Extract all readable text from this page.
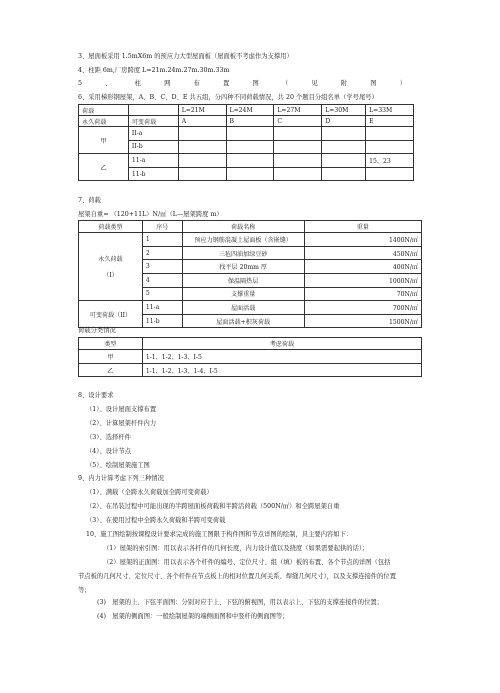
3、屋面板采用 1.5mX6m 的预应力大型屋面板（屋面板不考虑作为支撑用）
4、柱距 6m,厂房跨度 L=21m.24m.27m.30m.33m
5	、	柱	网	布	置	图	（	见	附	图	）
6、采用梯形钢屋架，A、B、C、D、E 共五组，分四种不同荷载情况，共 20 个题目分组名单（学号尾号）
荷载		L=21M	L=24M	L=27M	L=30M	L=33M
永久荷载	可变荷载	A	B	C	D	E
甲	ⅠⅠ-a					
	ⅠⅠ-b					
乙	11-a					15、23
	11-b					
7、荷载
屋架自重= （120+11L）N/㎡（L—屋架跨度 m）
荷载类型	序号	荷载名称	重量
永久荷载

（I）	1	预应力钢筋混凝土屋面板（含嵌缝）	1400N/㎡
	2	三毡四油加绿豆砂	450N/㎡
	3	找平层 20mm 厚	400N/㎡
	4	保温隔热层	1000N/㎡
	5	支撑重量	70N/㎡
可变荷载（II）	11-a	屋面活载	700N/㎡
	11-b	屋面活载+积灰荷载	1500N/㎡
荷载分类情况
类型	考虑荷载
甲	1-1、1-2、1-3、I-5
乙	1-1、1-2、1-3、1-4、I-5
8、设计要求
（1）、设计屋面支撑布置
（2）、计算屋架杆件内力
（3）、选择杆件
（4）、设计节点
（5）、绘制屋架施工图
9、内力计算考虑下列三种情况
（1）、满载（全跨永久荷载加全跨可变荷载）
（2）、在吊装过程中可能出现的半跨屋面板荷载和半跨活荷载（500N/㎡）和全跨屋架自重
（3）、在使用过程中全跨永久荷载和半跨可变荷载
10、施工图绘制按课程设计要求完成的施工图限于构件图和节点详图的绘制，具主要内容如下：
（1）屋架的索引图：用以表示各杆件的几何长度，内力设计值以及挠度（如果需要起拱的话）；
（2）屋架的正面图：用以表示各个杆件的编号、定位尺寸、组（填）板的布置、各个节点的详图（包括
节点板的几何尺寸、定位尺寸、各个杆件在节点板上的相对位置几何关系、焊缝几何尺寸），以及支撑连接件的位置
等；
(3)　屋架的上、下弦平面图：分别对应于上、下弦的俯视图，用以表示上、下弦的支撑连接件的位置；
(4)　屋架的侧面图：一般绘制屋架的端侧面图和中竖杆的侧面图等；
